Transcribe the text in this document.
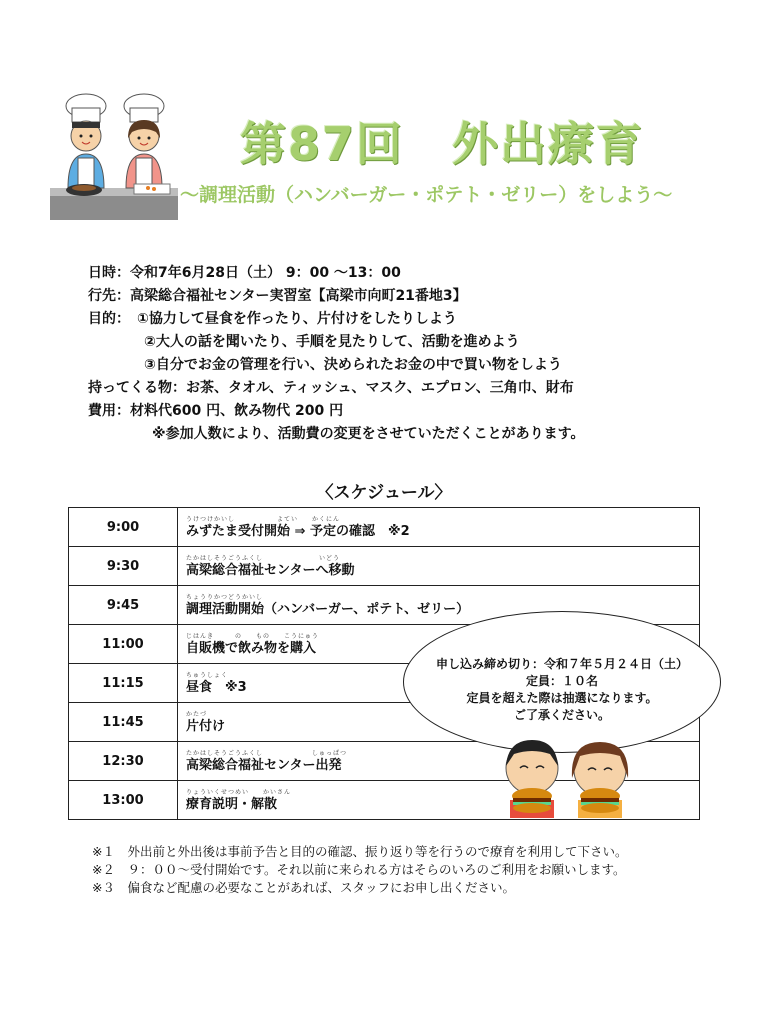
第87回　外出療育
～調理活動（ハンバーガー・ポテト・ゼリー）をしよう～
日時：令和7年6月28日（土） 9：00 ～13：00
行先：高梁総合福祉センター実習室【高梁市向町21番地3】
目的：　①協力して昼食を作ったり、片付けをしたりしよう
②大人の話を聞いたり、手順を見たりして、活動を進めよう
③自分でお金の管理を行い、決められたお金の中で買い物をしよう
持ってくる物：お茶、タオル、ティッシュ、マスク、エプロン、三角巾、財布
費用：材料代600 円、飲み物代 200 円
※参加人数により、活動費の変更をさせていただくことがあります。
〈スケジュール〉
9:00	うけつけかいし　　　　　　よてい　　かくにん
みずたま受付開始 ⇒ 予定の確認　※2

9:30	たかはしそうごうふくし　　　　　　　　いどう
高梁総合福祉センターへ移動

9:45	ちょうりかつどうかいし
調理活動開始（ハンバーガー、ポテト、ゼリー）

11:00	じはんき　　　の　　もの　　こうにゅう
自販機で飲み物を購入

11:15	ちゅうしょく
昼食　※3

11:45	かたづ
片付け

12:30	たかはしそうごうふくし　　　　　　　しゅっぱつ
高梁総合福祉センター出発

13:00	りょういくせつめい　　かいさん
療育説明・解散
申し込み締め切り：令和７年５月２４日（土）
定員：１０名
定員を超えた際は抽選になります。
ご了承ください。
※１　外出前と外出後は事前予告と目的の確認、振り返り等を行うので療育を利用して下さい。
※２　９：００～受付開始です。それ以前に来られる方はそらのいろのご利用をお願いします。
※３　偏食など配慮の必要なことがあれば、スタッフにお申し出ください。
